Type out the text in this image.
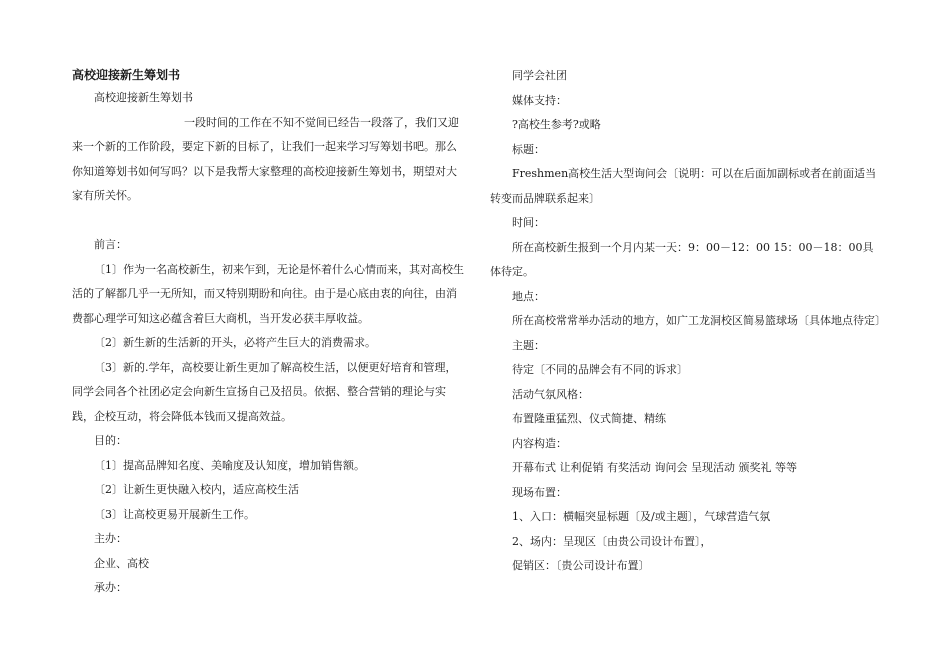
高校迎接新生筹划书

高校迎接新生筹划书

一段时间的工作在不知不觉间已经告一段落了，我们又迎来一个新的工作阶段，要定下新的目标了，让我们一起来学习写筹划书吧。那么你知道筹划书如何写吗？以下是我帮大家整理的高校迎接新生筹划书，期望对大家有所关怀。

前言：

〔1〕作为一名高校新生，初来乍到，无论是怀着什么心情而来，其对高校生活的了解都几乎一无所知，而又特别期盼和向往。由于是心底由衷的向往，由消费都心理学可知这必蕴含着巨大商机，当开发必获丰厚收益。

〔2〕新生新的生活新的开头，必将产生巨大的消费需求。

〔3〕新的.学年，高校要让新生更加了解高校生活，以便更好培育和管理，同学会同各个社团必定会向新生宣扬自己及招员。依据、整合营销的理论与实践，企校互动，将会降低本钱而又提高效益。

目的：

〔1〕提高品牌知名度、美喻度及认知度，增加销售额。

〔2〕让新生更快融入校内，适应高校生活

〔3〕让高校更易开展新生工作。

主办：

企业、高校

承办：

同学会社团

媒体支持：

?高校生参考?或略

标题：

Freshmen高校生活大型询问会〔说明：可以在后面加副标或者在前面适当转变而品牌联系起来〕

时间：

所在高校新生报到一个月内某一天：9：00－12：00 15：00－18：00具体待定。

地点：

所在高校常常举办活动的地方，如广工龙洞校区简易篮球场〔具体地点待定〕

主题：

待定〔不同的品牌会有不同的诉求〕

活动气氛风格：

布置隆重猛烈、仪式简捷、精练

内容构造：

开幕布式 让利促销 有奖活动 询问会 呈现活动 颁奖礼 等等

现场布置：

1、入口：横幅突显标题〔及/或主题〕，气球营造气氛

2、场内：呈现区〔由贵公司设计布置〕，

促销区：〔贵公司设计布置〕
